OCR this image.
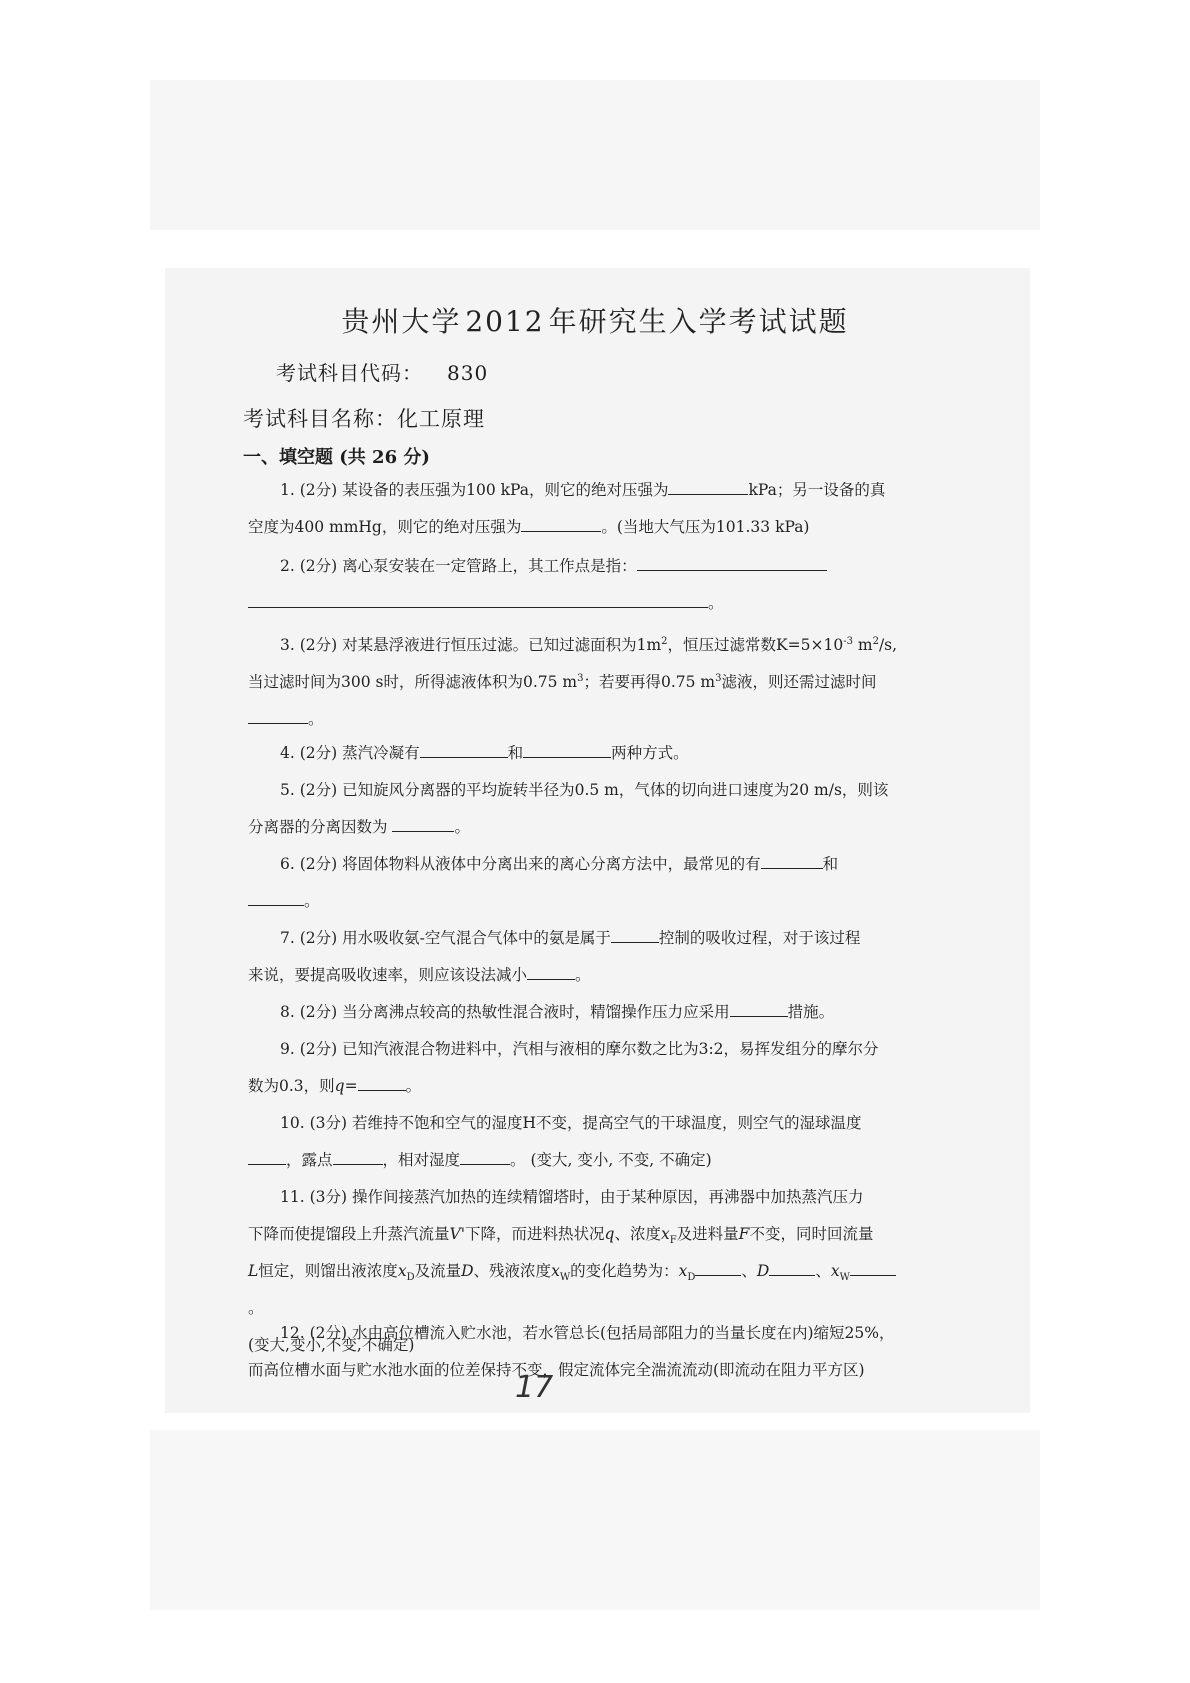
贵州大学 2012 年研究生入学考试试题
考试科目代码： 830
考试科目名称：化工原理
一、填空题 (共 26 分)
1. (2分) 某设备的表压强为100 kPa，则它的绝对压强为	kPa；另一设备的真
空度为400 mmHg，则它的绝对压强为	。(当地大气压为101.33 kPa)
2. (2分) 离心泵安装在一定管路上，其工作点是指：
。
3. (2分) 对某悬浮液进行恒压过滤。已知过滤面积为$1m^2$，恒压过滤常数$K=5\times 10^{-3}$ $m^2/s$,
当过滤时间为300 s时，所得滤液体积为0.75 $m^3$；若要再得0.75 $m^3$滤液，则还需过滤时间
。
4. (2分) 蒸汽冷凝有	和	两种方式。
5. (2分) 已知旋风分离器的平均旋转半径为0.5 m，气体的切向进口速度为20 m/s，则该
分离器的分离因数为	。
6. (2分) 将固体物料从液体中分离出来的离心分离方法中，最常见的有	和
。
7. (2分) 用水吸收氨-空气混合气体中的氨是属于	控制的吸收过程，对于该过程
来说，要提高吸收速率，则应该设法减小	。
8. (2分) 当分离沸点较高的热敏性混合液时，精馏操作压力应采用	措施。
9. (2分) 已知汽液混合物进料中，汽相与液相的摩尔数之比为3:2，易挥发组分的摩尔分
数为0.3，则q=	。
10. (3分) 若维持不饱和空气的湿度H不变，提高空气的干球温度，则空气的湿球温度
，露点	，相对湿度	。 (变大, 变小, 不变, 不确定)
11. (3分) 操作间接蒸汽加热的连续精馏塔时，由于某种原因，再沸器中加热蒸汽压力
下降而使提馏段上升蒸汽流量V'下降，而进料热状况q、浓度$x_F$及进料量F不变，同时回流量
L恒定，则馏出液浓度$x_D$及流量D、残液浓度$x_W$的变化趋势为：$x_D$	、D	、$x_W$。
(变大,变小,不变,不确定)
12. (2分) 水由高位槽流入贮水池，若水管总长(包括局部阻力的当量长度在内)缩短25%，
而高位槽水面与贮水池水面的位差保持不变，假定流体完全湍流流动(即流动在阻力平方区)
17
